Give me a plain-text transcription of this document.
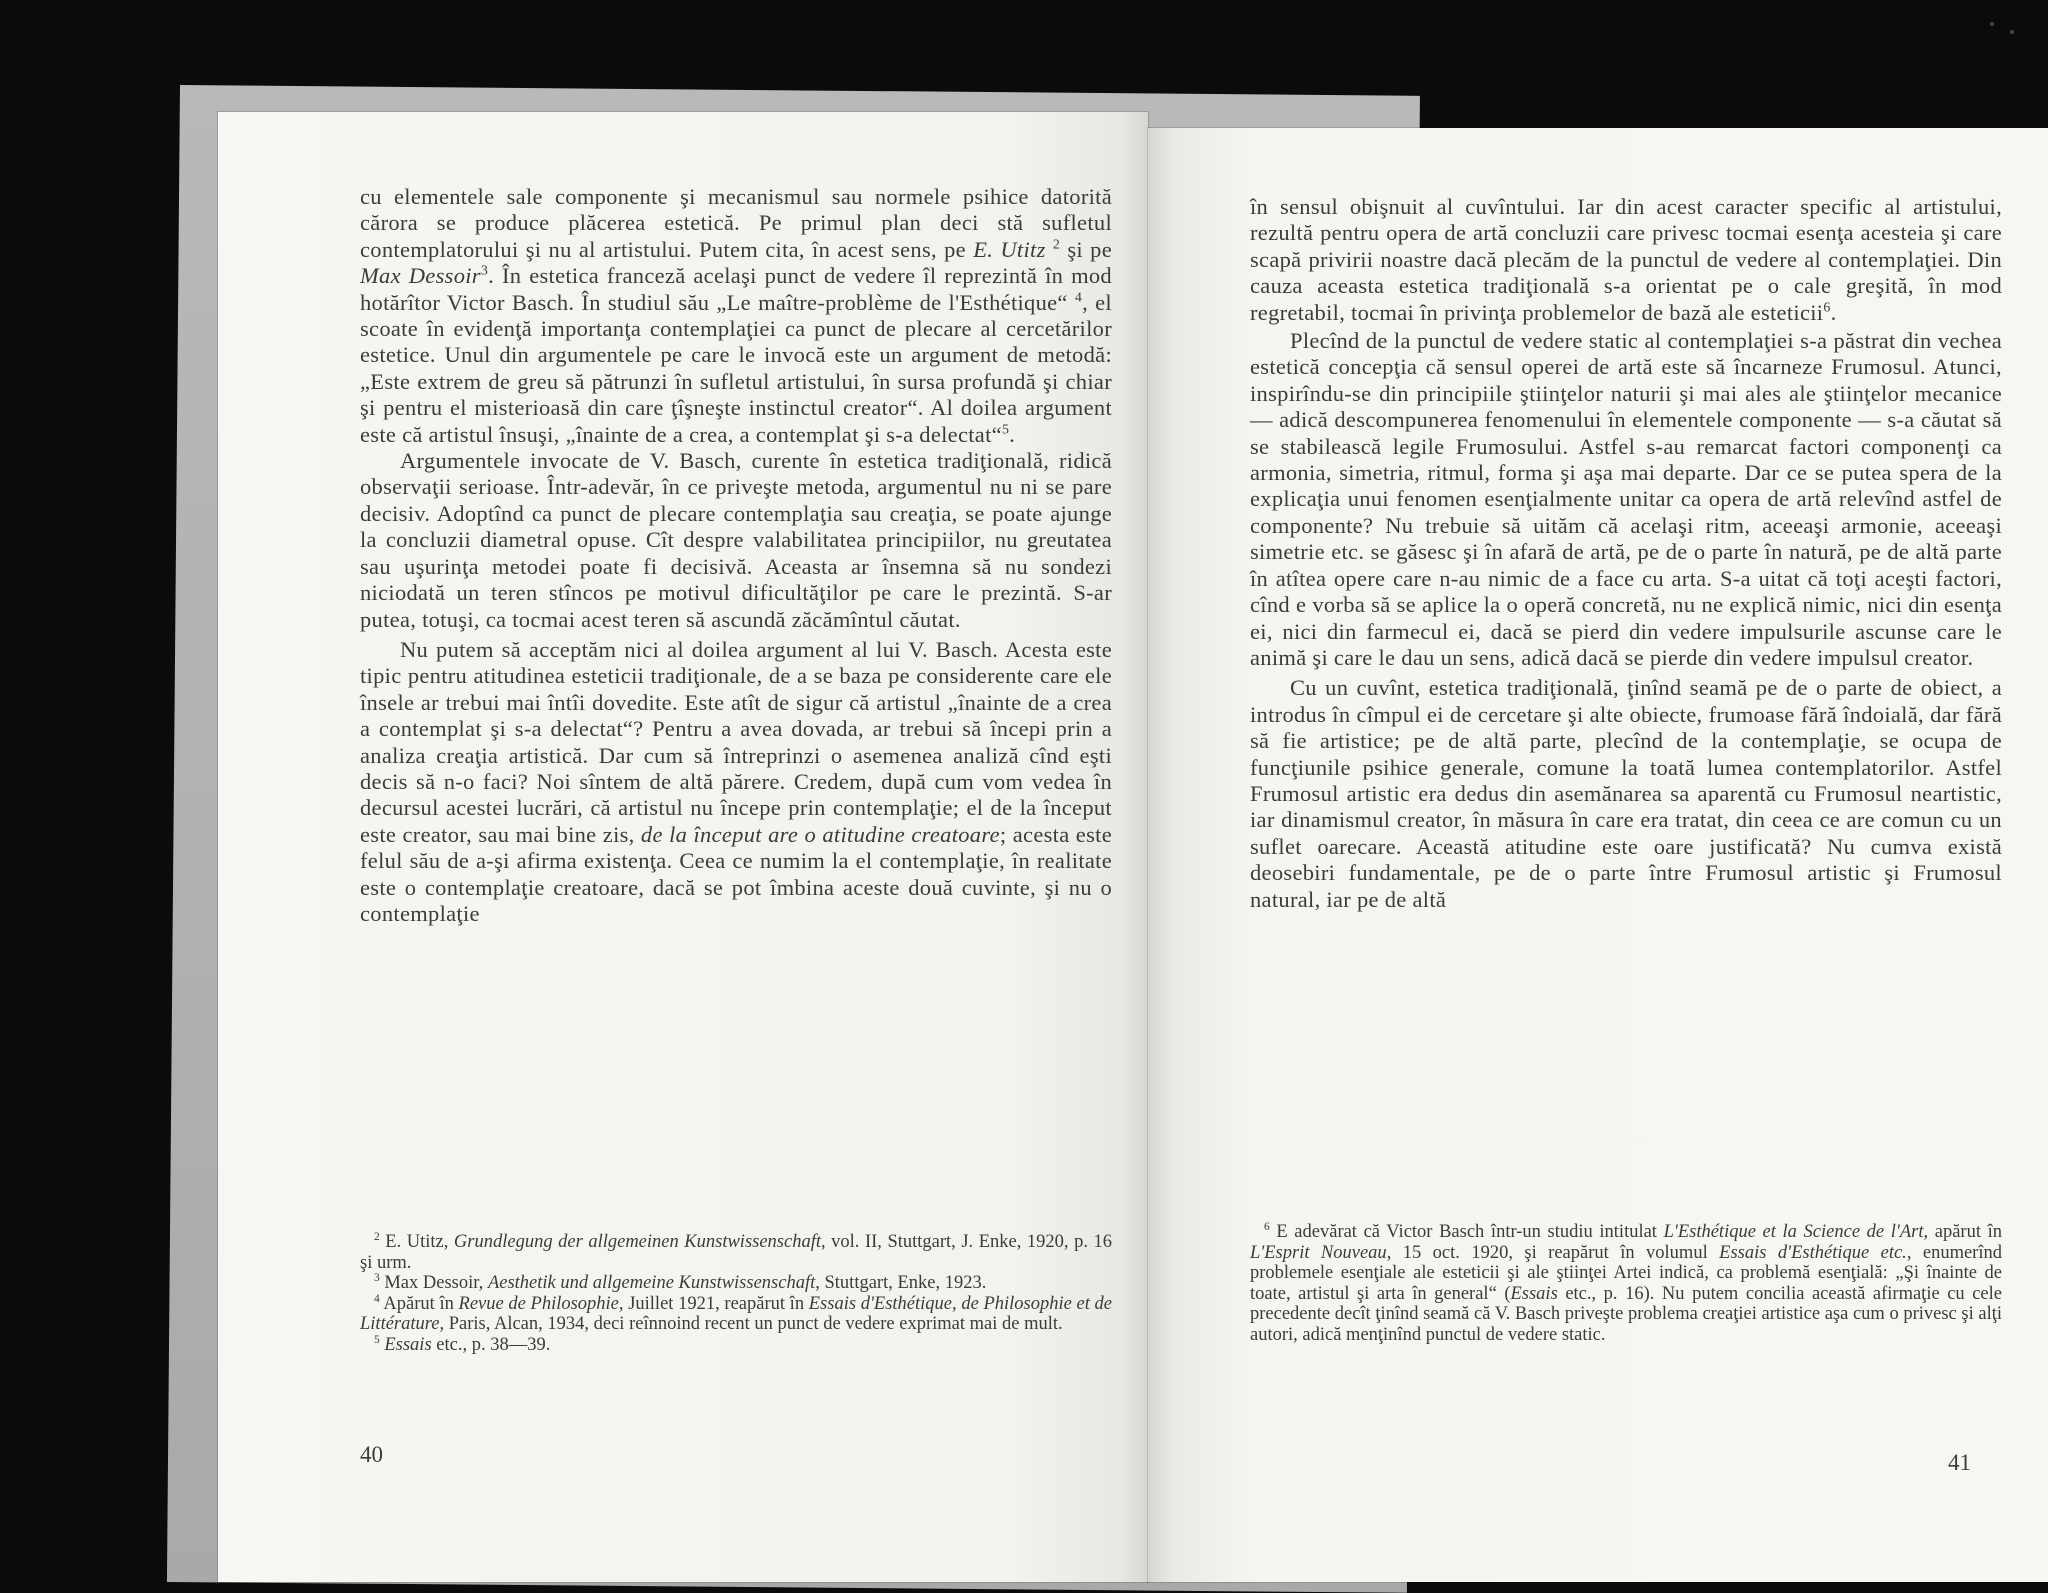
cu elementele sale componente şi mecanismul sau normele psihice datorită cărora se produce plăcerea estetică. Pe primul plan deci stă sufletul contemplatorului şi nu al artistului. Putem cita, în acest sens, pe E. Utitz $^2$ şi pe Max Dessoir$^3$. În estetica franceză acelaşi punct de vedere îl reprezintă în mod hotărîtor Victor Basch. În studiul său „Le maître-problème de l'Esthétique“ $^4$, el scoate în evidenţă importanţa contemplaţiei ca punct de plecare al cercetărilor estetice. Unul din argumentele pe care le invocă este un argument de metodă: „Este extrem de greu să pătrunzi în sufletul artistului, în sursa profundă şi chiar şi pentru el misterioasă din care ţîşneşte instinctul creator“. Al doilea argument este că artistul însuşi, „înainte de a crea, a contemplat şi s-a delectat“$^5$.

Argumentele invocate de V. Basch, curente în estetica tradiţională, ridică observaţii serioase. Într-adevăr, în ce priveşte metoda, argumentul nu ni se pare decisiv. Adoptînd ca punct de plecare contemplaţia sau creaţia, se poate ajunge la concluzii diametral opuse. Cît despre valabilitatea principiilor, nu greutatea sau uşurinţa metodei poate fi decisivă. Aceasta ar însemna să nu sondezi niciodată un teren stîncos pe motivul dificultăţilor pe care le prezintă. S-ar putea, totuşi, ca tocmai acest teren să ascundă zăcămîntul căutat.

Nu putem să acceptăm nici al doilea argument al lui V. Basch. Acesta este tipic pentru atitudinea esteticii tradiţionale, de a se baza pe considerente care ele însele ar trebui mai întîi dovedite. Este atît de sigur că artistul „înainte de a crea a contemplat şi s-a delectat“? Pentru a avea dovada, ar trebui să începi prin a analiza creaţia artistică. Dar cum să întreprinzi o asemenea analiză cînd eşti decis să n-o faci? Noi sîntem de altă părere. Credem, după cum vom vedea în decursul acestei lucrări, că artistul nu începe prin contemplaţie; el de la început este creator, sau mai bine zis, de la început are o atitudine creatoare; acesta este felul său de a-şi afirma existenţa. Ceea ce numim la el contemplaţie, în realitate este o contemplaţie creatoare, dacă se pot îmbina aceste două cuvinte, şi nu o contemplaţie

$^2$ E. Utitz, Grundlegung der allgemeinen Kunstwissenschaft, vol. II, Stuttgart, J. Enke, 1920, p. 16 şi urm.

$^3$ Max Dessoir, Aesthetik und allgemeine Kunstwissenschaft, Stuttgart, Enke, 1923.

$^4$ Apărut în Revue de Philosophie, Juillet 1921, reapărut în Essais d'Esthétique, de Philosophie et de Littérature, Paris, Alcan, 1934, deci reînnoind recent un punct de vedere exprimat mai de mult.

$^5$ Essais etc., p. 38—39.

40

în sensul obişnuit al cuvîntului. Iar din acest caracter specific al artistului, rezultă pentru opera de artă concluzii care privesc tocmai esenţa acesteia şi care scapă privirii noastre dacă plecăm de la punctul de vedere al contemplaţiei. Din cauza aceasta estetica tradiţională s-a orientat pe o cale greşită, în mod regretabil, tocmai în privinţa problemelor de bază ale esteticii$^6$.

Plecînd de la punctul de vedere static al contemplaţiei s-a păstrat din vechea estetică concepţia că sensul operei de artă este să încarneze Frumosul. Atunci, inspirîndu-se din principiile ştiinţelor naturii şi mai ales ale ştiinţelor mecanice — adică descompunerea fenomenului în elementele componente — s-a căutat să se stabilească legile Frumosului. Astfel s-au remarcat factori componenţi ca armonia, simetria, ritmul, forma şi aşa mai departe. Dar ce se putea spera de la explicaţia unui fenomen esenţialmente unitar ca opera de artă relevînd astfel de componente? Nu trebuie să uităm că acelaşi ritm, aceeaşi armonie, aceeaşi simetrie etc. se găsesc şi în afară de artă, pe de o parte în natură, pe de altă parte în atîtea opere care n-au nimic de a face cu arta. S-a uitat că toţi aceşti factori, cînd e vorba să se aplice la o operă concretă, nu ne explică nimic, nici din esenţa ei, nici din farmecul ei, dacă se pierd din vedere impulsurile ascunse care le animă şi care le dau un sens, adică dacă se pierde din vedere impulsul creator.

Cu un cuvînt, estetica tradiţională, ţinînd seamă pe de o parte de obiect, a introdus în cîmpul ei de cercetare şi alte obiecte, frumoase fără îndoială, dar fără să fie artistice; pe de altă parte, plecînd de la contemplaţie, se ocupa de funcţiunile psihice generale, comune la toată lumea contemplatorilor. Astfel Frumosul artistic era dedus din asemănarea sa aparentă cu Frumosul neartistic, iar dinamismul creator, în măsura în care era tratat, din ceea ce are comun cu un suflet oarecare. Această atitudine este oare justificată? Nu cumva există deosebiri fundamentale, pe de o parte între Frumosul artistic şi Frumosul natural, iar pe de altă

$^6$ E adevărat că Victor Basch într-un studiu intitulat L'Esthétique et la Science de l'Art, apărut în L'Esprit Nouveau, 15 oct. 1920, şi reapărut în volumul Essais d'Esthétique etc., enumerînd problemele esenţiale ale esteticii şi ale ştiinţei Artei indică, ca problemă esenţială: „Şi înainte de toate, artistul şi arta în general“ (Essais etc., p. 16). Nu putem concilia această afirmaţie cu cele precedente decît ţinînd seamă că V. Basch priveşte problema creaţiei artistice aşa cum o privesc şi alţi autori, adică menţinînd punctul de vedere static.

41
